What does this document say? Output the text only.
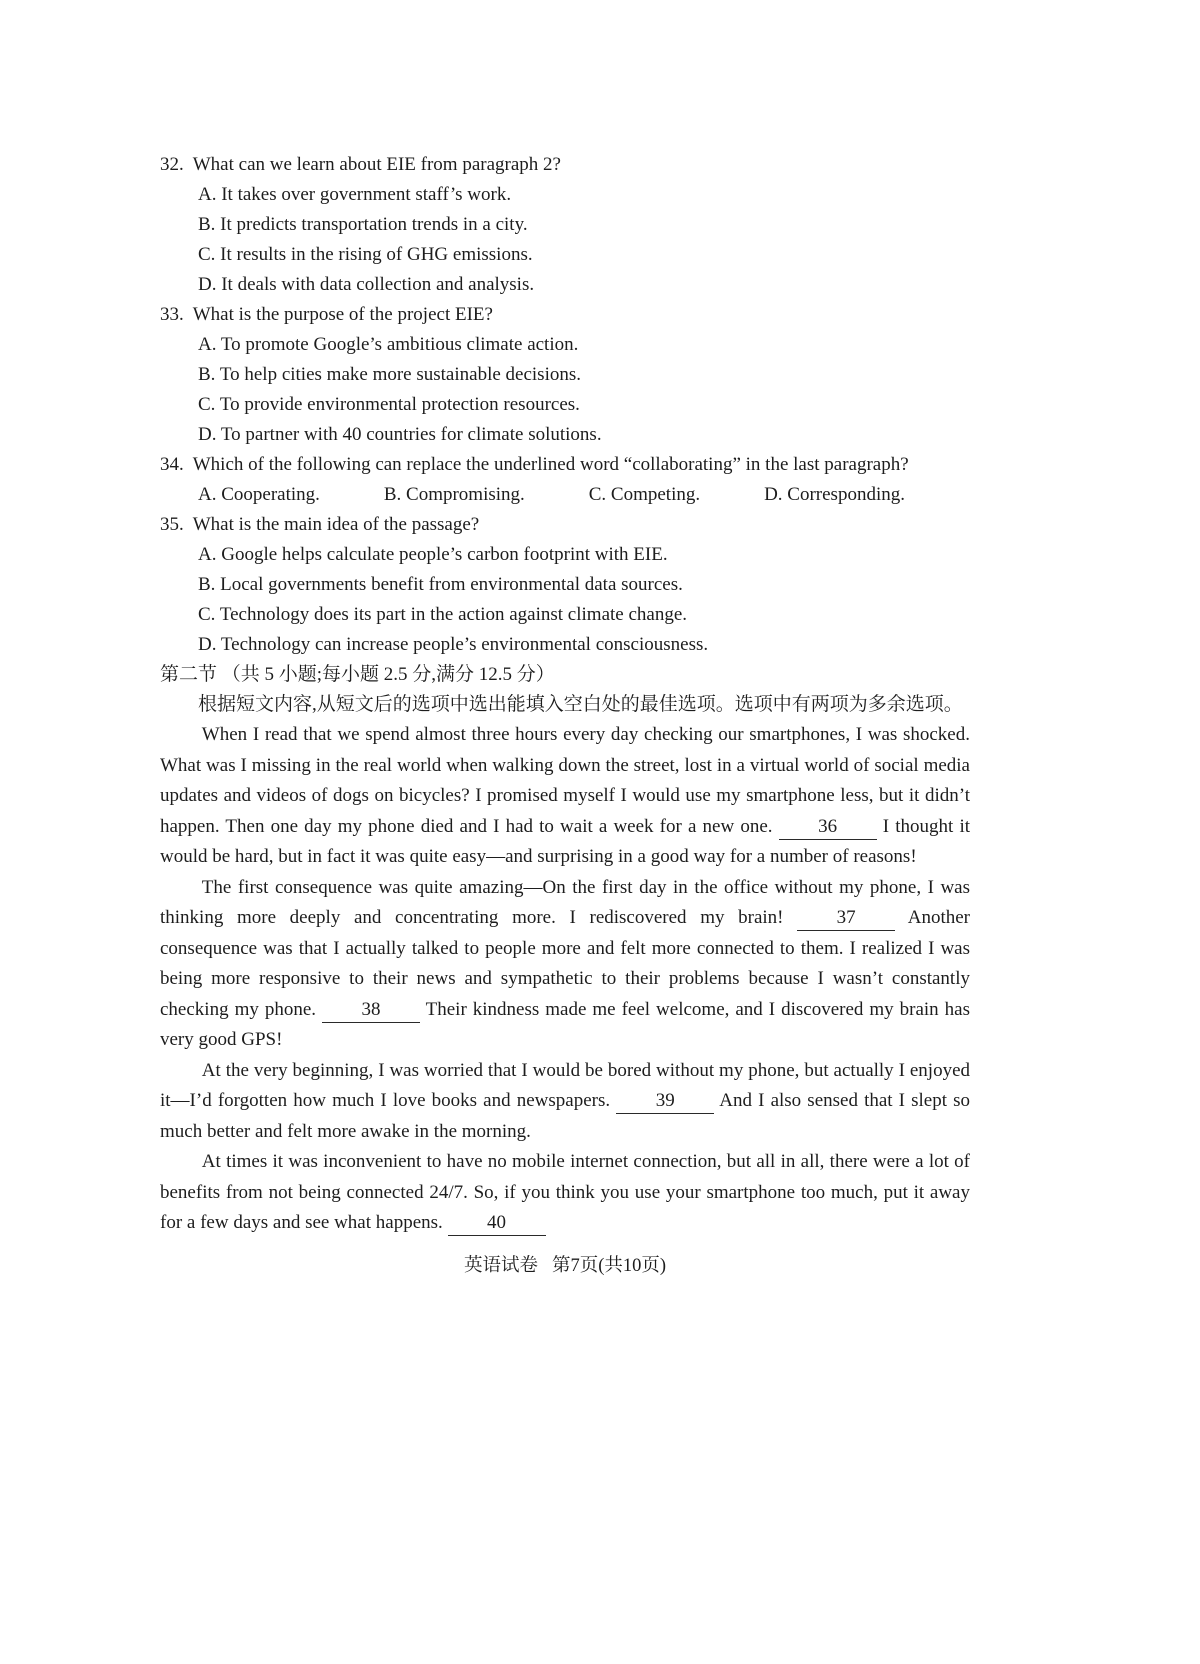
32. What can we learn about EIE from paragraph 2?
A. It takes over government staff’s work.
B. It predicts transportation trends in a city.
C. It results in the rising of GHG emissions.
D. It deals with data collection and analysis.
33. What is the purpose of the project EIE?
A. To promote Google’s ambitious climate action.
B. To help cities make more sustainable decisions.
C. To provide environmental protection resources.
D. To partner with 40 countries for climate solutions.
34. Which of the following can replace the underlined word “collaborating” in the last paragraph?
A. Cooperating.	B. Compromising.	C. Competing.	D. Corresponding.
35. What is the main idea of the passage?
A. Google helps calculate people’s carbon footprint with EIE.
B. Local governments benefit from environmental data sources.
C. Technology does its part in the action against climate change.
D. Technology can increase people’s environmental consciousness.
第二节 （共 5 小题;每小题 2.5 分,满分 12.5 分）

根据短文内容,从短文后的选项中选出能填入空白处的最佳选项。选项中有两项为多余选项。

When I read that we spend almost three hours every day checking our smartphones, I was shocked. What was I missing in the real world when walking down the street, lost in a virtual world of social media updates and videos of dogs on bicycles? I promised myself I would use my smartphone less, but it didn’t happen. Then one day my phone died and I had to wait a week for a new one. 36 I thought it would be hard, but in fact it was quite easy—and surprising in a good way for a number of reasons!

The first consequence was quite amazing—On the first day in the office without my phone, I was thinking more deeply and concentrating more. I rediscovered my brain! 37 Another consequence was that I actually talked to people more and felt more connected to them. I realized I was being more responsive to their news and sympathetic to their problems because I wasn’t constantly checking my phone. 38 Their kindness made me feel welcome, and I discovered my brain has very good GPS!

At the very beginning, I was worried that I would be bored without my phone, but actually I enjoyed it—I’d forgotten how much I love books and newspapers. 39 And I also sensed that I slept so much better and felt more awake in the morning.

At times it was inconvenient to have no mobile internet connection, but all in all, there were a lot of benefits from not being connected 24/7. So, if you think you use your smartphone too much, put it away for a few days and see what happens. 40

英语试卷 第7页(共10页)
